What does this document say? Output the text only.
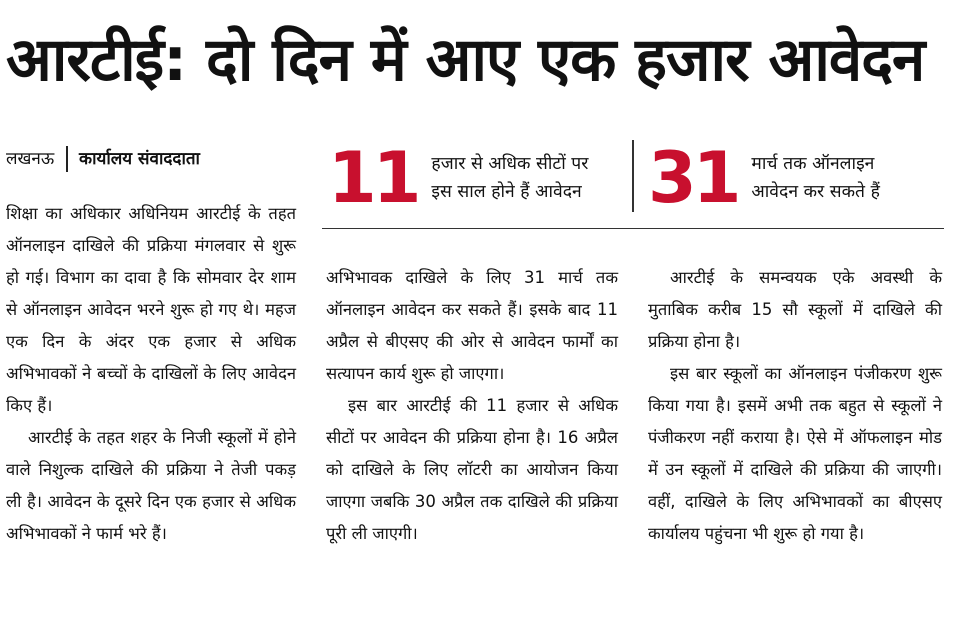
आरटीई: दो दिन में आए एक हजार आवेदन
लखनऊ कार्यालय संवाददाता 11 हजार से अधिक सीटों पर
इस साल होने हैं आवेदन 31 मार्च तक ऑनलाइन
आवेदन कर सकते हैं

शिक्षा का अधिकार अधिनियम आरटीई के तहत ऑनलाइन दाखिले की प्रक्रिया मंगलवार से शुरू हो गई। विभाग का दावा है कि सोमवार देर शाम से ऑनलाइन आवेदन भरने शुरू हो गए थे। महज एक दिन के अंदर एक हजार से अधिक अभिभावकों ने बच्चों के दाखिलों के लिए आवेदन किए हैं।

आरटीई के तहत शहर के निजी स्कूलों में होने वाले निशुल्क दाखिले की प्रक्रिया ने तेजी पकड़ ली है। आवेदन के दूसरे दिन एक हजार से अधिक अभिभावकों ने फार्म भरे हैं।

अभिभावक दाखिले के लिए 31 मार्च तक ऑनलाइन आवेदन कर सकते हैं। इसके बाद 11 अप्रैल से बीएसए की ओर से आवेदन फार्मों का सत्यापन कार्य शुरू हो जाएगा।

इस बार आरटीई की 11 हजार से अधिक सीटों पर आवेदन की प्रक्रिया होना है। 16 अप्रैल को दाखिले के लिए लॉटरी का आयोजन किया जाएगा जबकि 30 अप्रैल तक दाखिले की प्रक्रिया पूरी ली जाएगी।

आरटीई के समन्वयक एके अवस्थी के मुताबिक करीब 15 सौ स्कूलों में दाखिले की प्रक्रिया होना है।

इस बार स्कूलों का ऑनलाइन पंजीकरण शुरू किया गया है। इसमें अभी तक बहुत से स्कूलों ने पंजीकरण नहीं कराया है। ऐसे में ऑफलाइन मोड में उन स्कूलों में दाखिले की प्रक्रिया की जाएगी। वहीं, दाखिले के लिए अभिभावकों का बीएसए कार्यालय पहुंचना भी शुरू हो गया है।
